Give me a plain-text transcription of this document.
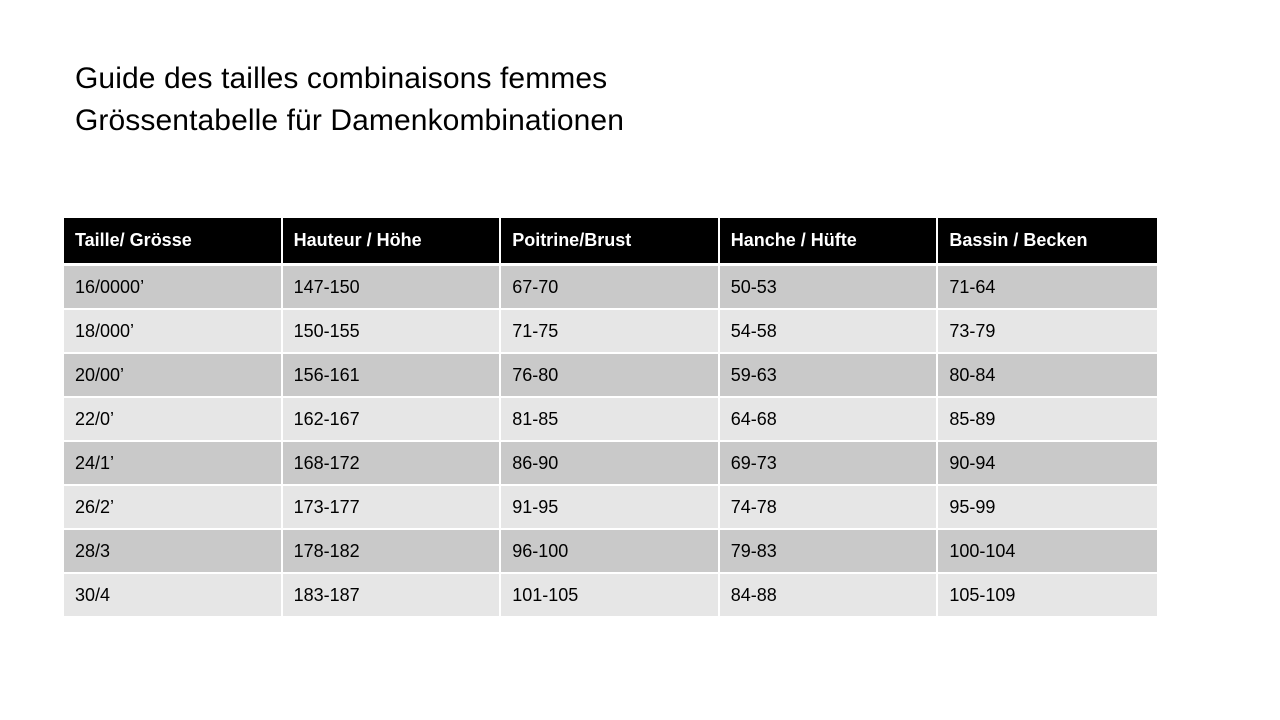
Guide des tailles combinaisons femmes
Grössentabelle für Damenkombinationen
Taille/ Grösse	Hauteur / Höhe	Poitrine/Brust	Hanche / Hüfte	Bassin / Becken
16/0000’	147-150	67-70	50-53	71-64
18/000’	150-155	71-75	54-58	73-79
20/00’	156-161	76-80	59-63	80-84
22/0’	162-167	81-85	64-68	85-89
24/1’	168-172	86-90	69-73	90-94
26/2’	173-177	91-95	74-78	95-99
28/3	178-182	96-100	79-83	100-104
30/4	183-187	101-105	84-88	105-109
